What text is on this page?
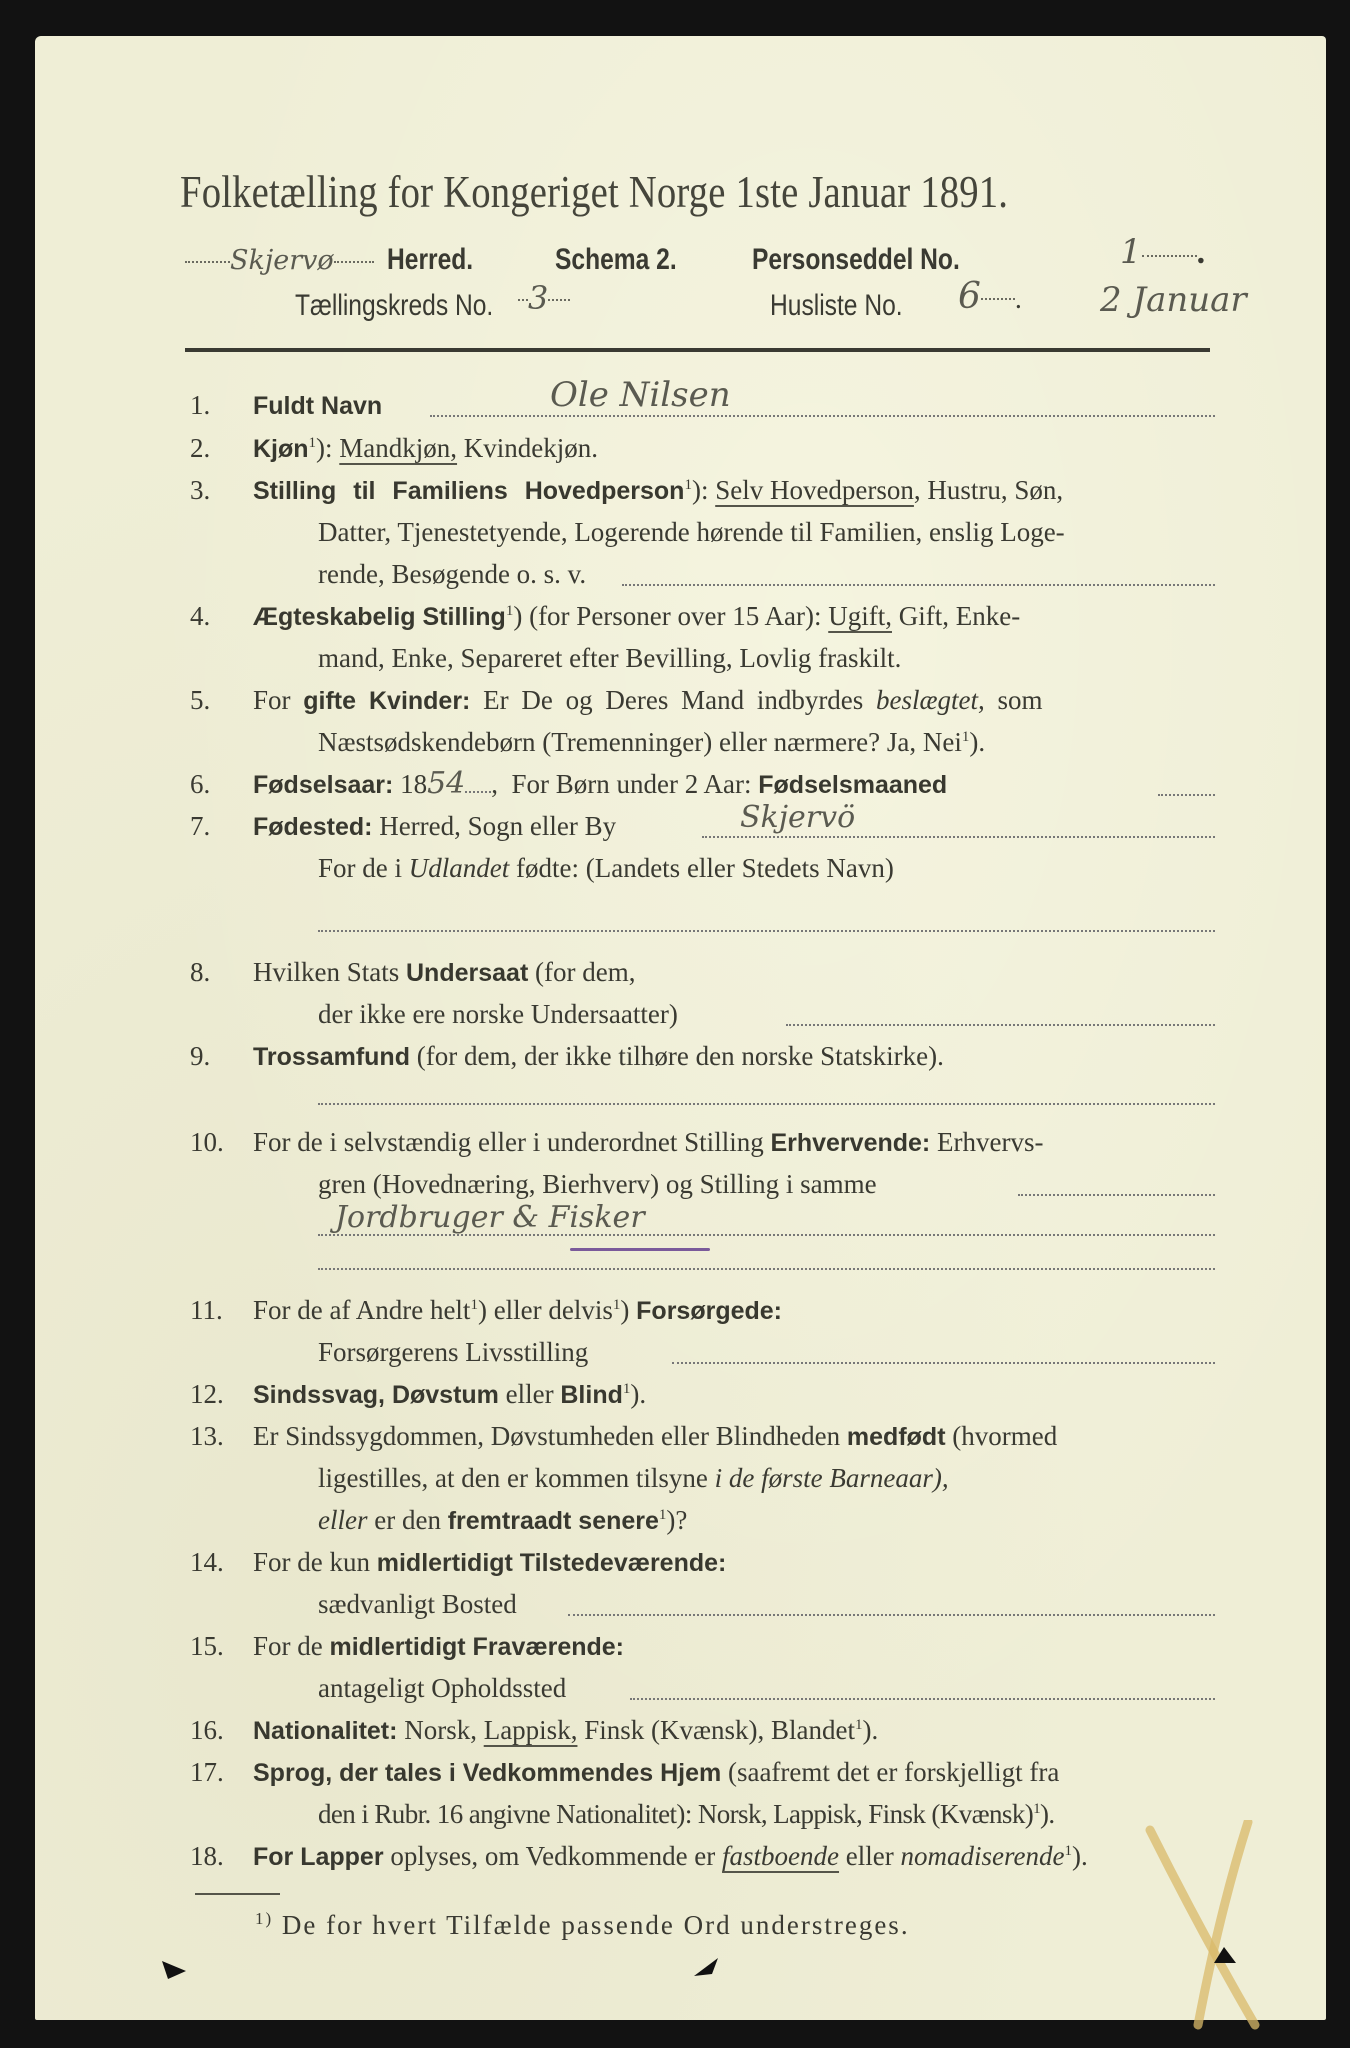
Folketælling for Kongeriget Norge 1ste Januar 1891.
Skjervø Herred.	Schema 2.	Personseddel No.	1 .
Tællingskreds No.	3	Husliste No.	6 . 2 Januar
1.	Fuldt Navn	Ole Nilsen
2.	Kjøn$^1$): Mandkjøn, Kvindekjøn.
3.	Stilling til Familiens Hovedperson$^1$): Selv Hovedperson, Hustru, Søn,
Datter, Tjenestetyende, Logerende hørende til Familien, enslig Loge-
rende, Besøgende o. s. v.
4.	Ægteskabelig Stilling$^1$) (for Personer over 15 Aar): Ugift, Gift, Enke-
mand, Enke, Separeret efter Bevilling, Lovlig fraskilt.
5.	For gifte Kvinder: Er De og Deres Mand indbyrdes beslægtet, som
Næstsødskendebørn (Tremenninger) eller nærmere? Ja, Nei$^1$).
6.	Fødselsaar: 1854 ,  For Børn under 2 Aar: Fødselsmaaned
7.	Fødested: Herred, Sogn eller By	Skjervö
For de i Udlandet fødte: (Landets eller Stedets Navn)
8.	Hvilken Stats Undersaat (for dem,
der ikke ere norske Undersaatter)
9.	Trossamfund (for dem, der ikke tilhøre den norske Statskirke).
10.	For de i selvstændig eller i underordnet Stilling Erhvervende: Erhvervs-
gren (Hovednæring, Bierhverv) og Stilling i samme
Jordbruger & Fisker
11.	For de af Andre helt$^1$) eller delvis$^1$) Forsørgede:
Forsørgerens Livsstilling
12.	Sindssvag, Døvstum eller Blind$^1$).
13.	Er Sindssygdommen, Døvstumheden eller Blindheden medfødt (hvormed
ligestilles, at den er kommen tilsyne i de første Barneaar),
eller er den fremtraadt senere$^1$)?
14.	For de kun midlertidigt Tilstedeværende:
sædvanligt Bosted
15.	For de midlertidigt Fraværende:
antageligt Opholdssted
16.	Nationalitet: Norsk, Lappisk, Finsk (Kvænsk), Blandet$^1$).
17.	Sprog, der tales i Vedkommendes Hjem (saafremt det er forskjelligt fra
den i Rubr. 16 angivne Nationalitet): Norsk, Lappisk, Finsk (Kvænsk)$^1$).
18.	For Lapper oplyses, om Vedkommende er fastboende eller nomadiserende$^1$).
$^{1)}$ De for hvert Tilfælde passende Ord understreges.
